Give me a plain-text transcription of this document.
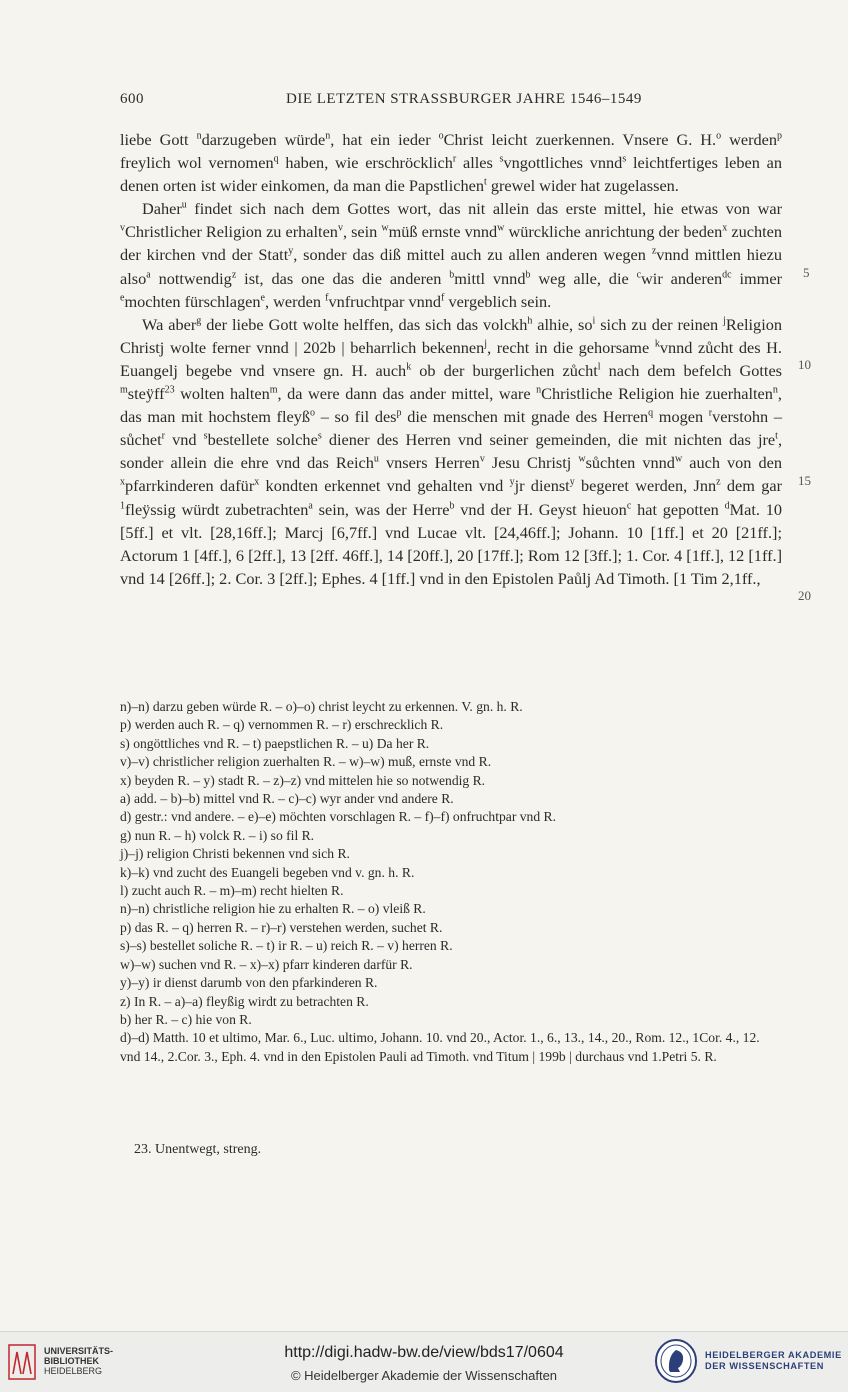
600	DIE LETZTEN STRASSBURGER JAHRE 1546–1549

liebe Gott $^n$darzugeben würde$^n$, hat ein ieder $^o$Christ leicht zuerkennen. Vnsere G. H.$^o$ werden$^p$ freylich wol vernomen$^q$ haben, wie erschröcklich$^r$ alles $^s$vngottliches vnnd$^s$ leichtfertiges leben an denen orten ist wider einkomen, da man die Papstlichen$^t$ grewel wider hat zugelassen.

Daher$^u$ findet sich nach dem Gottes wort, das nit allein das erste mittel, hie etwas von war $^v$Christlicher Religion zu erhalten$^v$, sein $^w$müß ernste vnnd$^w$ würckliche anrichtung der beden$^x$ zuchten der kirchen vnd der Statt$^y$, sonder das diß mittel auch zu allen anderen wegen $^z$vnnd mittlen hiezu also$^a$ nottwendig$^z$ ist, das one das die anderen $^b$mittl vnnd$^b$ weg alle, die $^c$wir anderen$^{dc}$ immer $^e$mochten fürschlagen$^e$, werden $^f$vnfruchtpar vnnd$^f$ vergeblich sein.

Wa aber$^g$ der liebe Gott wolte helffen, das sich das volckh$^h$ alhie, $so^i$ sich zu der reinen $^j$Religion Christj wolte ferner vnnd | 202b | beharrlich bekennen$^j$, recht in die gehorsame $^k$vnnd zůcht des H. Euangelj begebe vnd vnsere gn. H. auch$^k$ ob der burgerlichen zůcht$^l$ nach dem befelch Gottes $^m$steÿff$^{23}$ wolten halten$^m$, da were dann das ander mittel, ware $^n$Christliche Religion hie zuerhalten$^n$, das man mit hochstem fleyß$^o$ – so fil des$^p$ die menschen mit gnade des Herren$^q$ mogen $^r$verstohn – sůchet$^r$ vnd $^s$bestellete solche$^s$ diener des Herren vnd seiner gemeinden, die mit nichten das jre$^t$, sonder allein die ehre vnd das Reich$^u$ vnsers Herren$^v$ Jesu Christj $^w$sůchten vnnd$^w$ auch von den $^x$pfarrkinderen dafür$^x$ kondten erkennet vnd gehalten vnd $^y$jr dienst$^y$ begeret werden, Jnn$^z$ dem gar $^1$fleÿssig würdt zubetrachten$^a$ sein, was der Herre$^b$ vnd der H. Geyst hieuon$^c$ hat gepotten $^d$Mat. 10 [5ff.] et vlt. [28,16ff.]; Marcj [6,7ff.] vnd Lucae vlt. [24,46ff.]; Johann. 10 [1ff.] et 20 [21ff.]; Actorum 1 [4ff.], 6 [2ff.], 13 [2ff. 46ff.], 14 [20ff.], 20 [17ff.]; Rom 12 [3ff.]; 1. Cor. 4 [1ff.], 12 [1ff.] vnd 14 [26ff.]; 2. Cor. 3 [2ff.]; Ephes. 4 [1ff.] vnd in den Epistolen Paůlj Ad Timoth. [1 Tim 2,1ff.,

5
10
15
20
n)–n) darzu geben würde R. – o)–o) christ leycht zu erkennen. V. gn. h. R.
p) werden auch R. – q) vernommen R. – r) erschrecklich R.
s) ongöttliches vnd R. – t) paepstlichen R. – u) Da her R.
v)–v) christlicher religion zuerhalten R. – w)–w) muß, ernste vnd R.
x) beyden R. – y) stadt R. – z)–z) vnd mittelen hie so notwendig R.
a) add. – b)–b) mittel vnd R. – c)–c) wyr ander vnd andere R.
d) gestr.: vnd andere. – e)–e) möchten vorschlagen R. – f)–f) onfruchtpar vnd R.
g) nun R. – h) volck R. – i) so fil R.
j)–j) religion Christi bekennen vnd sich R.
k)–k) vnd zucht des Euangeli begeben vnd v. gn. h. R.
l) zucht auch R. – m)–m) recht hielten R.
n)–n) christliche religion hie zu erhalten R. – o) vleiß R.
p) das R. – q) herren R. – r)–r) verstehen werden, suchet R.
s)–s) bestellet soliche R. – t) ir R. – u) reich R. – v) herren R.
w)–w) suchen vnd R. – x)–x) pfarr kinderen darfür R.
y)–y) ir dienst darumb von den pfarkinderen R.
z) In R. – a)–a) fleyßig wirdt zu betrachten R.
b) her R. – c) hie von R.
d)–d) Matth. 10 et ultimo, Mar. 6., Luc. ultimo, Johann. 10. vnd 20., Actor. 1., 6., 13., 14., 20., Rom. 12., 1Cor. 4., 12. vnd 14., 2.Cor. 3., Eph. 4. vnd in den Epistolen Pauli ad Timoth. vnd Titum | 199b | durchaus vnd 1.Petri 5. R.
23. Unentwegt, streng.
UNIVERSITÄTS-
BIBLIOTHEK
HEIDELBERG
http://digi.hadw-bw.de/view/bds17/0604
© Heidelberger Akademie der Wissenschaften
HEIDELBERGER AKADEMIE
DER WISSENSCHAFTEN
